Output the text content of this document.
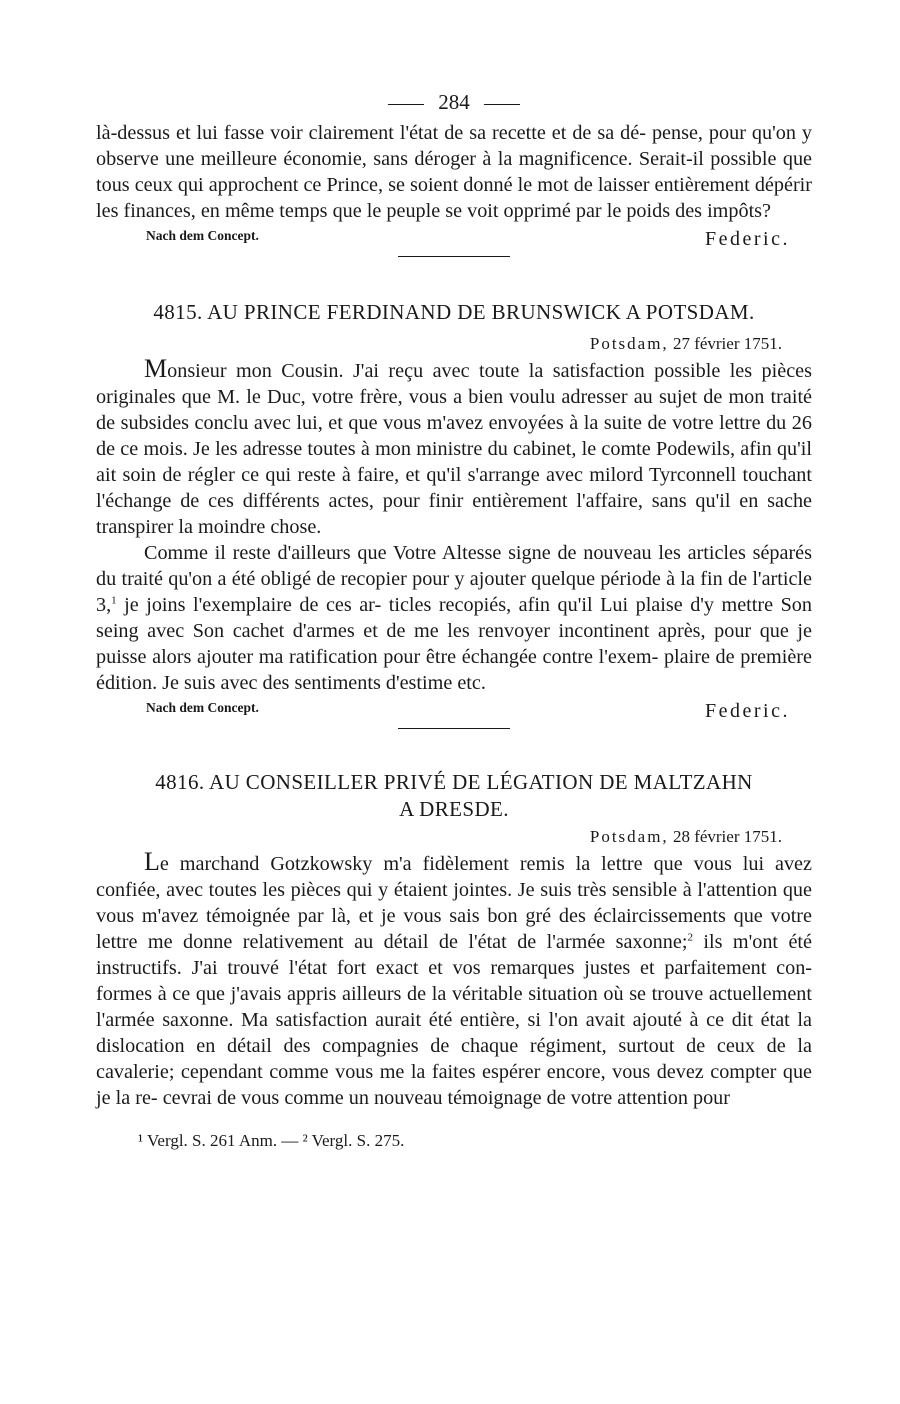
284

là-dessus et lui fasse voir clairement l'état de sa recette et de sa dé- pense, pour qu'on y observe une meilleure économie, sans déroger à la magnificence. Serait-il possible que tous ceux qui approchent ce Prince, se soient donné le mot de laisser entièrement dépérir les finances, en même temps que le peuple se voit opprimé par le poids des impôts?

Nach dem Concept.	Federic.
4815. AU PRINCE FERDINAND DE BRUNSWICK A POTSDAM.
Potsdam, 27 février 1751.

Monsieur mon Cousin. J'ai reçu avec toute la satisfaction possible les pièces originales que M. le Duc, votre frère, vous a bien voulu adresser au sujet de mon traité de subsides conclu avec lui, et que vous m'avez envoyées à la suite de votre lettre du 26 de ce mois. Je les adresse toutes à mon ministre du cabinet, le comte Podewils, afin qu'il ait soin de régler ce qui reste à faire, et qu'il s'arrange avec milord Tyrconnell touchant l'échange de ces différents actes, pour finir entièrement l'affaire, sans qu'il en sache transpirer la moindre chose.

Comme il reste d'ailleurs que Votre Altesse signe de nouveau les articles séparés du traité qu'on a été obligé de recopier pour y ajouter quelque période à la fin de l'article 3,$^1$ je joins l'exemplaire de ces ar- ticles recopiés, afin qu'il Lui plaise d'y mettre Son seing avec Son cachet d'armes et de me les renvoyer incontinent après, pour que je puisse alors ajouter ma ratification pour être échangée contre l'exem- plaire de première édition. Je suis avec des sentiments d'estime etc.

Nach dem Concept.	Federic.
4816. AU CONSEILLER PRIVÉ DE LÉGATION DE MALTZAHN
A DRESDE.
Potsdam, 28 février 1751.

Le marchand Gotzkowsky m'a fidèlement remis la lettre que vous lui avez confiée, avec toutes les pièces qui y étaient jointes. Je suis très sensible à l'attention que vous m'avez témoignée par là, et je vous sais bon gré des éclaircissements que votre lettre me donne relativement au détail de l'état de l'armée saxonne;$^2$ ils m'ont été instructifs. J'ai trouvé l'état fort exact et vos remarques justes et parfaitement con- formes à ce que j'avais appris ailleurs de la véritable situation où se trouve actuellement l'armée saxonne. Ma satisfaction aurait été entière, si l'on avait ajouté à ce dit état la dislocation en détail des compagnies de chaque régiment, surtout de ceux de la cavalerie; cependant comme vous me la faites espérer encore, vous devez compter que je la re- cevrai de vous comme un nouveau témoignage de votre attention pour

¹ Vergl. S. 261 Anm. — ² Vergl. S. 275.
